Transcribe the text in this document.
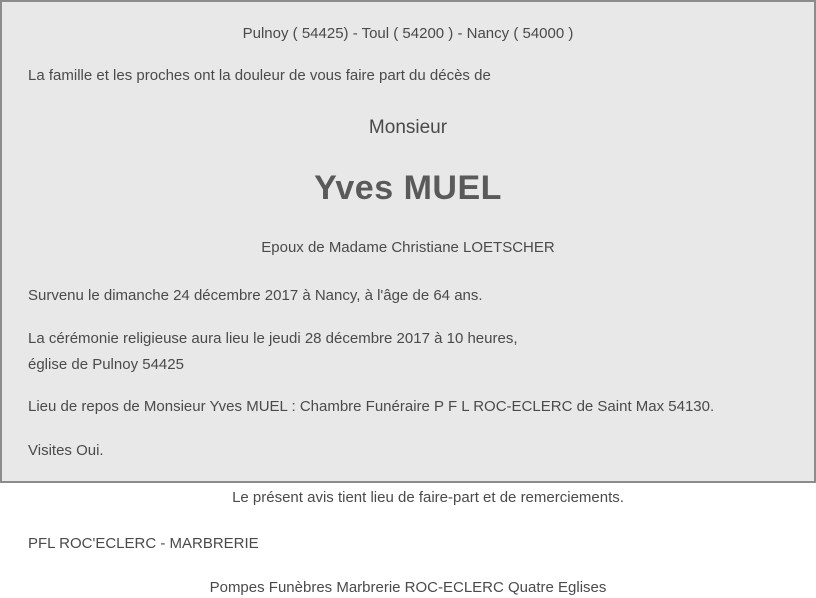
Pulnoy ( 54425) - Toul ( 54200 ) - Nancy ( 54000 )

La famille et les proches ont la douleur de vous faire part du décès de

Monsieur

Yves MUEL

Epoux de Madame Christiane LOETSCHER

Survenu le dimanche 24 décembre 2017 à Nancy, à l'âge de 64 ans.

La cérémonie religieuse aura lieu le jeudi 28 décembre 2017 à 10 heures,

église de Pulnoy 54425

Lieu de repos de Monsieur Yves MUEL : Chambre Funéraire P F L ROC-ECLERC de Saint Max 54130.

Visites Oui.

Le présent avis tient lieu de faire-part et de remerciements.

PFL ROC'ECLERC - MARBRERIE

Pompes Funèbres Marbrerie ROC-ECLERC Quatre Eglises
